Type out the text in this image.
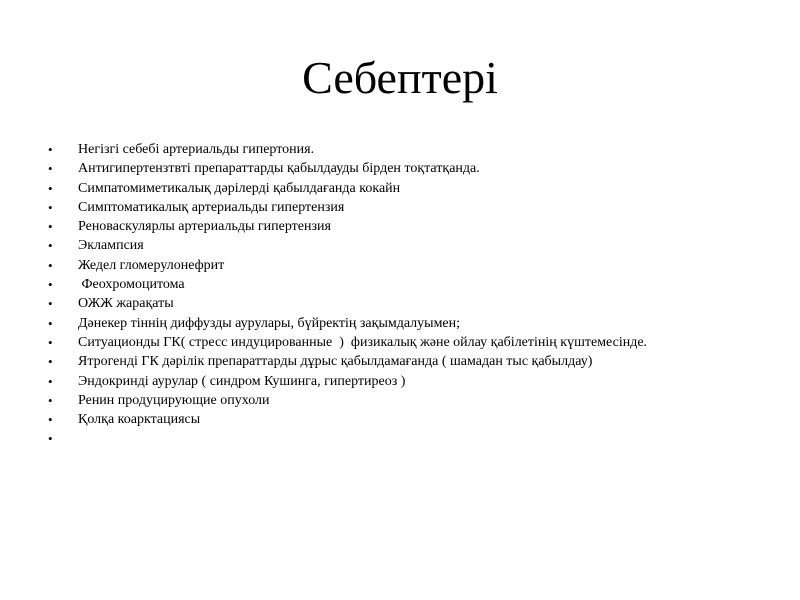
Себептері
•	Негізгі себебі артериальды гипертония.
•	Антигипертензтвті препараттарды қабылдауды бірден тоқтатқанда.
•	Симпатомиметикалық дәрілерді қабылдағанда кокайн
•	Симптоматикалық артериальды гипертензия
•	Реноваскулярлы артериальды гипертензия
•	Эклампсия
•	Жедел гломерулонефрит
•	Феохромоцитома
•	ОЖЖ жарақаты
•	Дәнекер тіннің диффузды аурулары, бүйректің зақымдалуымен;
•	Ситуационды ГК( стресс индуцированные  )  физикалық және ойлау қабілетінің күштемесінде.
•	Ятрогенді ГК дәрілік препараттарды дұрыс қабылдамағанда ( шамадан тыс қабылдау)
•	Эндокринді аурулар ( синдром Кушинга, гипертиреоз )
•	Ренин продуцирующие опухоли
•	Қолқа коарктациясы
•
